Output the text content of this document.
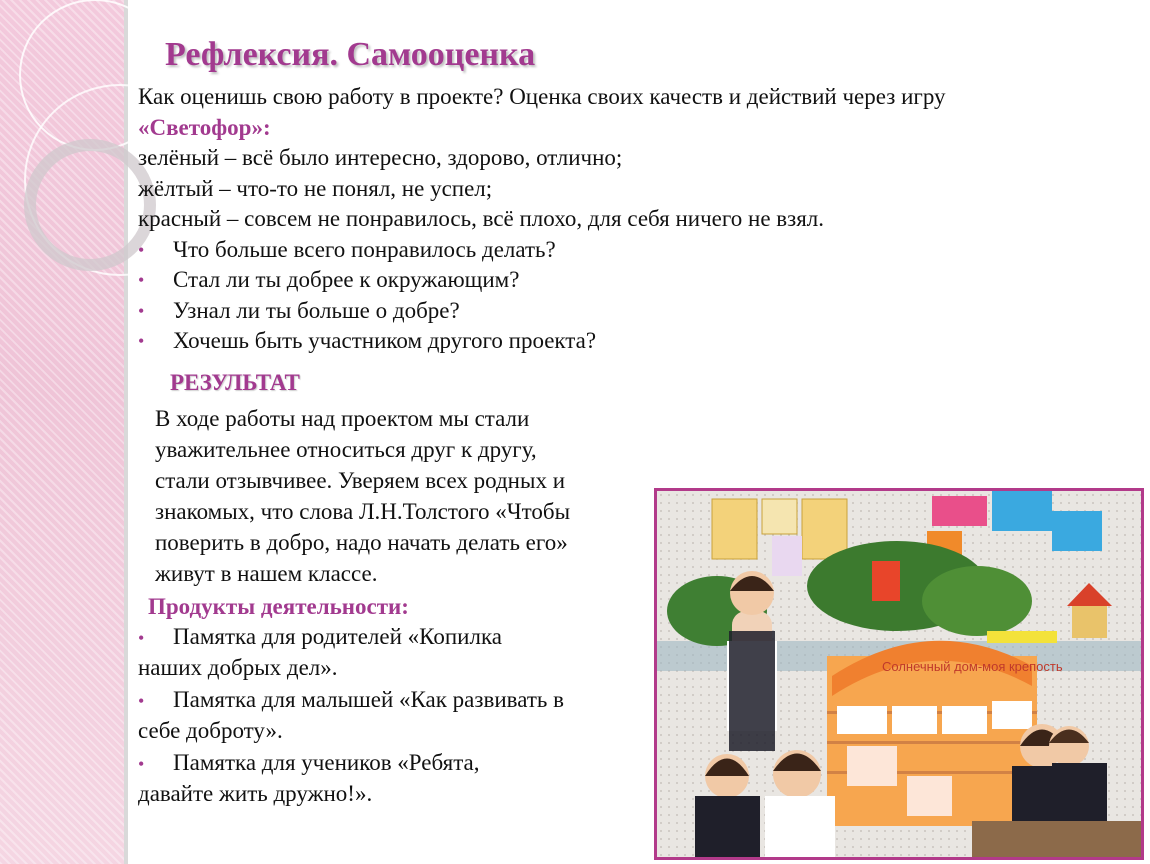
Рефлексия. Самооценка

Как оценишь свою работу в проекте? Оценка своих качеств и действий через игру

«Светофор»:

зелёный – всё было интересно, здорово, отлично;

жёлтый – что-то не понял, не успел;

красный – совсем не понравилось, всё плохо, для себя ничего не взял.

• Что больше всего понравилось делать?
• Стал ли ты добрее к окружающим?
• Узнал ли ты больше о добре?
• Хочешь быть участником другого проекта?
РЕЗУЛЬТАТ
В ходе работы над проектом мы стали
уважительнее относиться друг к другу,
стали отзывчивее. Уверяем всех родных и
знакомых, что слова Л.Н.Толстого «Чтобы
поверить в добро, надо начать делать его»
живут в нашем классе.
Продукты деятельности:
• Памятка для родителей «Копилка
наших добрых дел».
• Памятка для малышей «Как развивать в
себе доброту».
• Памятка для учеников «Ребята,
давайте жить дружно!».
Солнечный дом-моя крепость
